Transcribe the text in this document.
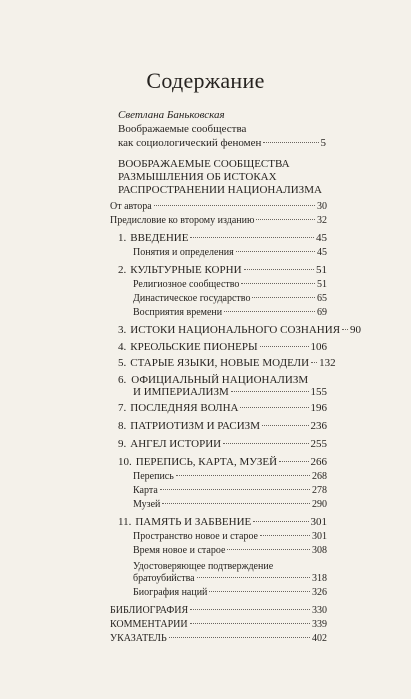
Содержание
Светлана Баньковская
Воображаемые сообщества
как социологический феномен	5
ВООБРАЖАЕМЫЕ СООБЩЕСТВА
РАЗМЫШЛЕНИЯ ОБ ИСТОКАХ
РАСПРОСТРАНЕНИИ НАЦИОНАЛИЗМА
От автора	30
Предисловие ко второму изданию	32
1. ВВЕДЕНИЕ	45
Понятия и определения	45
2. КУЛЬТУРНЫЕ КОРНИ	51
Религиозное сообщество	51
Династическое государство	65
Восприятия времени	69
3. ИСТОКИ НАЦИОНАЛЬНОГО СОЗНАНИЯ 90
4. КРЕОЛЬСКИЕ ПИОНЕРЫ	106
5. СТАРЫЕ ЯЗЫКИ, НОВЫЕ МОДЕЛИ 132
6. ОФИЦИАЛЬНЫЙ НАЦИОНАЛИЗМ
И ИМПЕРИАЛИЗМ	155
7. ПОСЛЕДНЯЯ ВОЛНА	196
8. ПАТРИОТИЗМ И РАСИЗМ	236
9. АНГЕЛ ИСТОРИИ	255
10. ПЕРЕПИСЬ, КАРТА, МУЗЕЙ	266
Перепись	268
Карта	278
Музей	290
11. ПАМЯТЬ И ЗАБВЕНИЕ	301
Пространство новое и старое	301
Время новое и старое	308
Удостоверяющее подтверждение
братоубийства	318
Биография наций	326
БИБЛИОГРАФИЯ	330
КОММЕНТАРИИ	339
УКАЗАТЕЛЬ	402
